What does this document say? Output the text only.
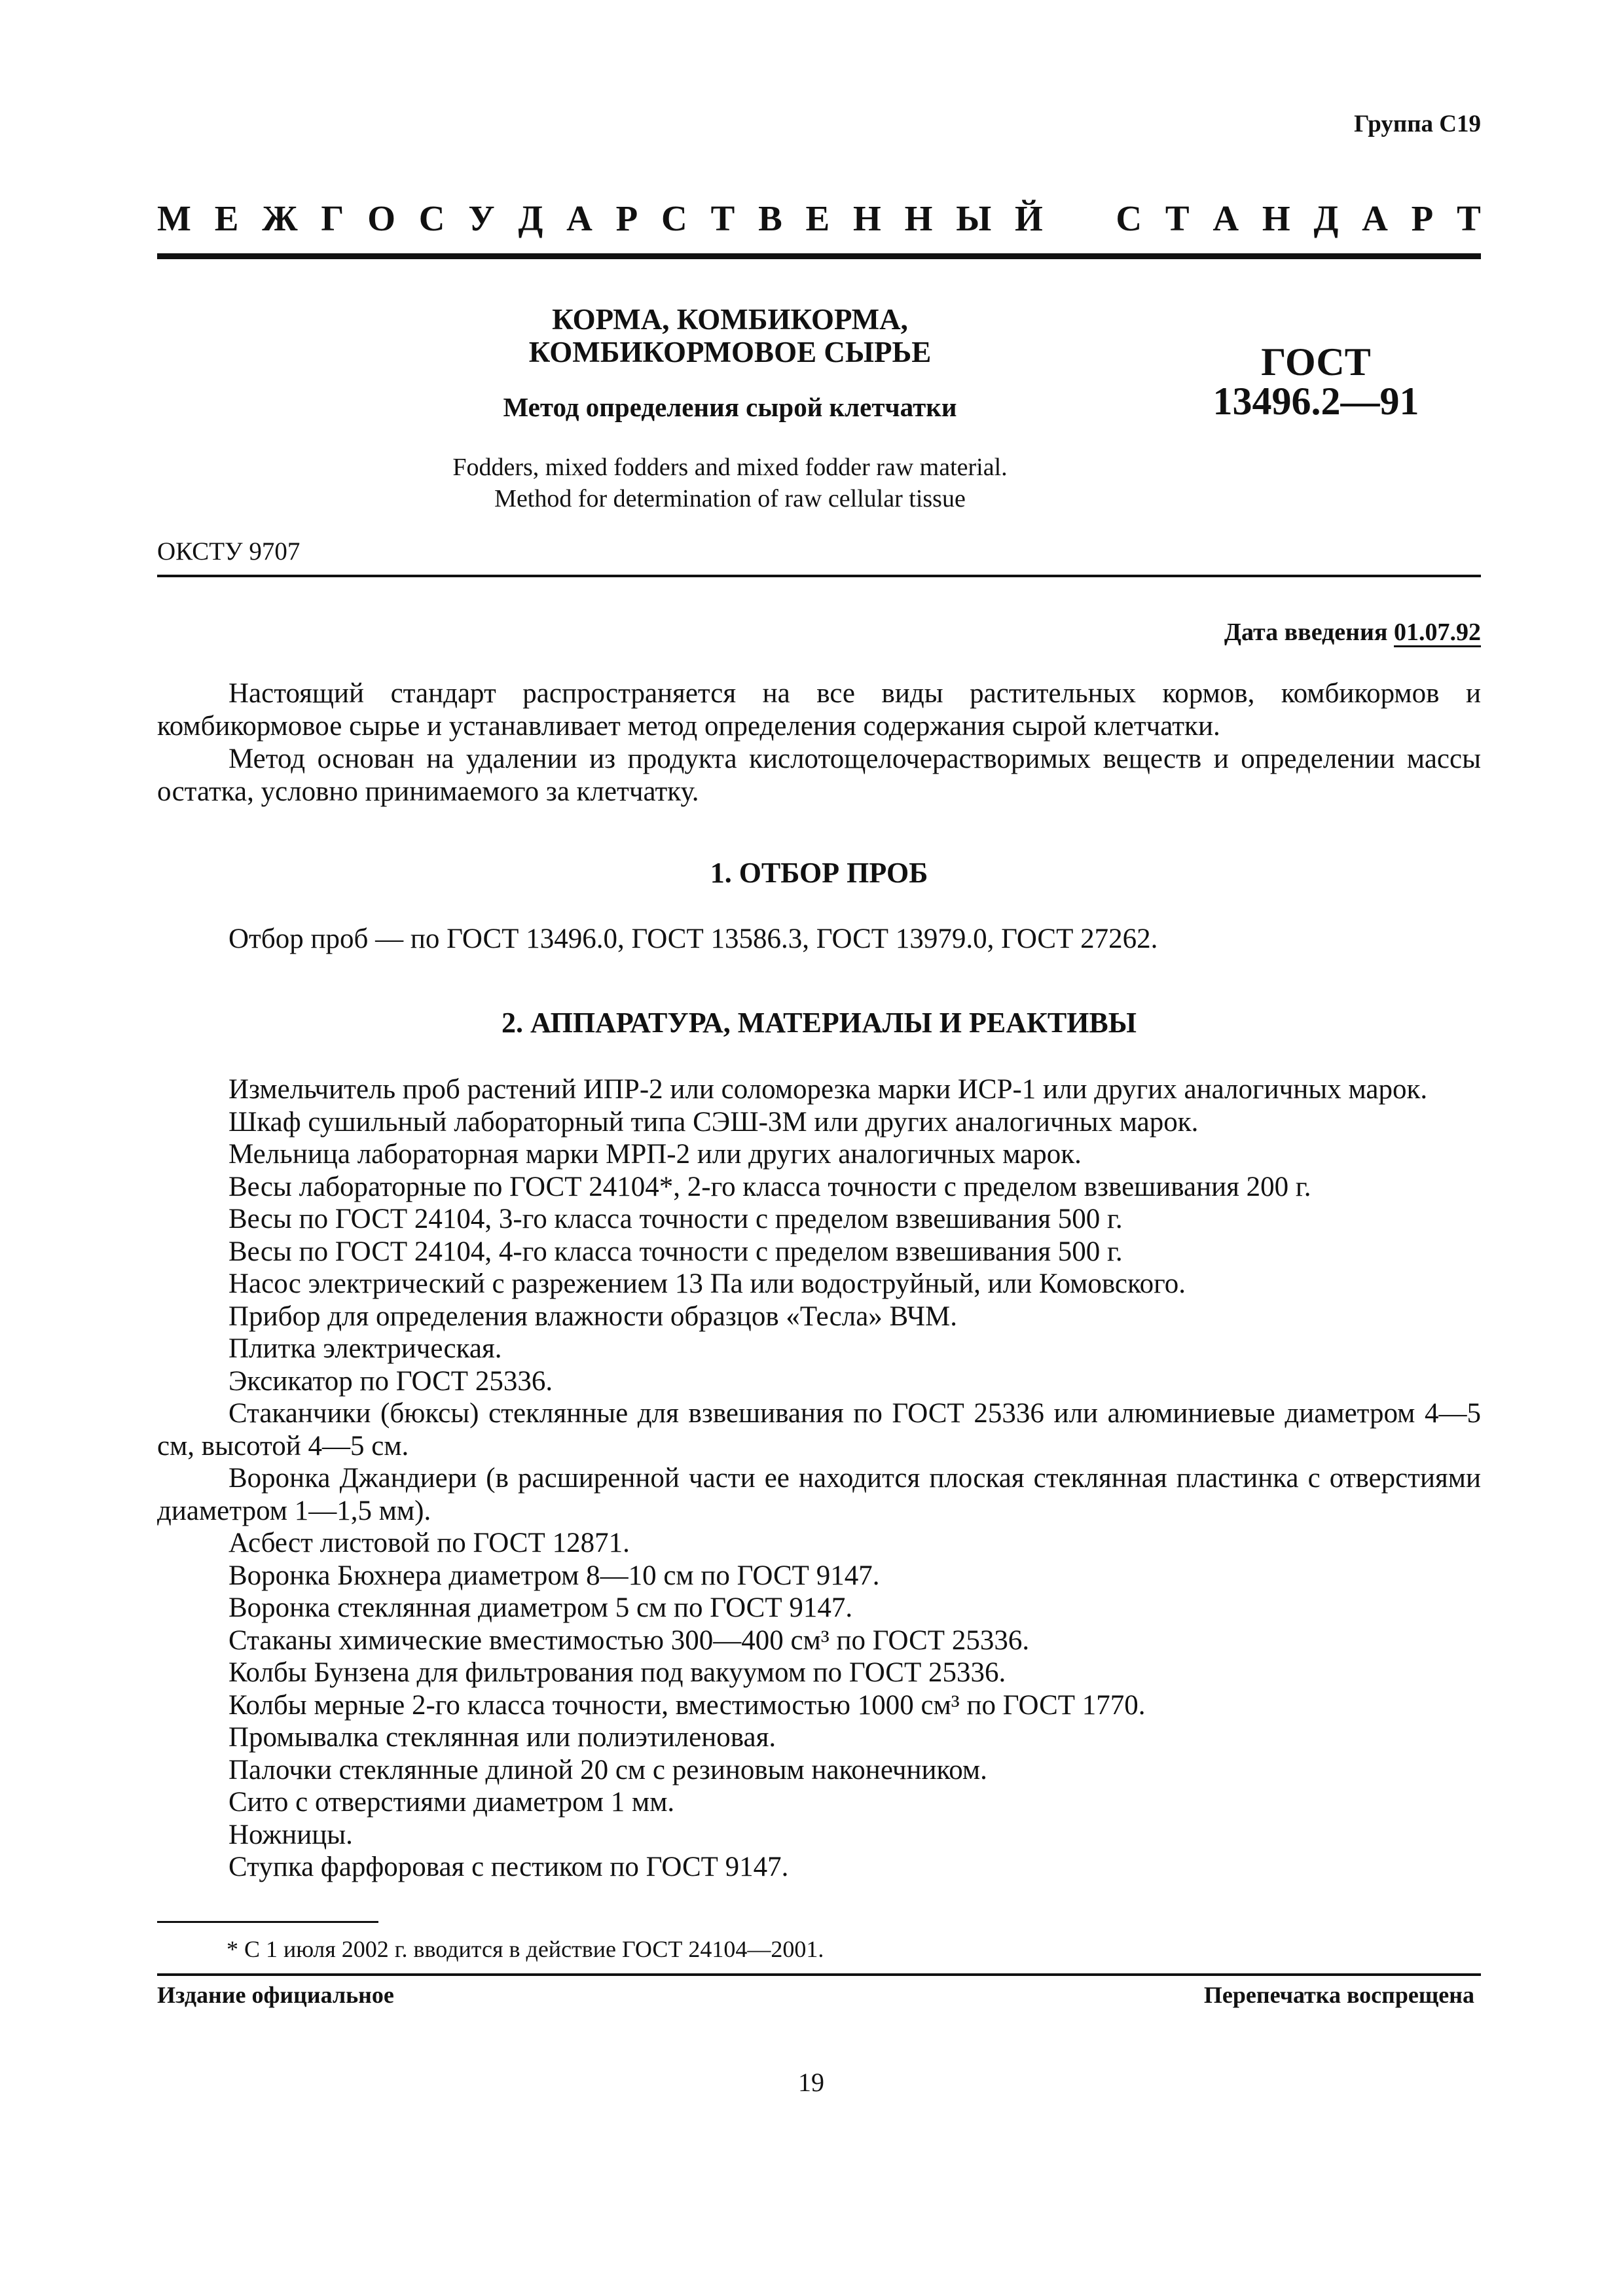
Группа С19
М Е Ж Г О С У Д А Р С Т В Е Н Н Ы Й С Т А Н Д А Р Т
КОРМА, КОМБИКОРМА,
КОМБИКОРМОВОЕ СЫРЬЕ
Метод определения сырой клетчатки
ГОСТ
13496.2—91
Fodders, mixed fodders and mixed fodder raw material.
Method for determination of raw cellular tissue
ОКСТУ 9707
Дата введения 01.07.92

Настоящий стандарт распространяется на все виды растительных кормов, комбикормов и комбикормовое сырье и устанавливает метод определения содержания сырой клетчатки.

Метод основан на удалении из продукта кислотощелочерастворимых веществ и определении массы остатка, условно принимаемого за клетчатку.

1. ОТБОР ПРОБ

Отбор проб — по ГОСТ 13496.0, ГОСТ 13586.3, ГОСТ 13979.0, ГОСТ 27262.

2. АППАРАТУРА, МАТЕРИАЛЫ И РЕАКТИВЫ

Измельчитель проб растений ИПР-2 или соломорезка марки ИСР-1 или других аналогичных марок.

Шкаф сушильный лабораторный типа СЭШ-3М или других аналогичных марок.

Мельница лабораторная марки МРП-2 или других аналогичных марок.

Весы лабораторные по ГОСТ 24104*, 2-го класса точности с пределом взвешивания 200 г.

Весы по ГОСТ 24104, 3-го класса точности с пределом взвешивания 500 г.

Весы по ГОСТ 24104, 4-го класса точности с пределом взвешивания 500 г.

Насос электрический с разрежением 13 Па или водоструйный, или Комовского.

Прибор для определения влажности образцов «Тесла» ВЧМ.

Плитка электрическая.

Эксикатор по ГОСТ 25336.

Стаканчики (бюксы) стеклянные для взвешивания по ГОСТ 25336 или алюминиевые диаметром 4—5 см, высотой 4—5 см.

Воронка Джандиери (в расширенной части ее находится плоская стеклянная пластинка с отверстиями диаметром 1—1,5 мм).

Асбест листовой по ГОСТ 12871.

Воронка Бюхнера диаметром 8—10 см по ГОСТ 9147.

Воронка стеклянная диаметром 5 см по ГОСТ 9147.

Стаканы химические вместимостью 300—400 см³ по ГОСТ 25336.

Колбы Бунзена для фильтрования под вакуумом по ГОСТ 25336.

Колбы мерные 2-го класса точности, вместимостью 1000 см³ по ГОСТ 1770.

Промывалка стеклянная или полиэтиленовая.

Палочки стеклянные длиной 20 см с резиновым наконечником.

Сито с отверстиями диаметром 1 мм.

Ножницы.

Ступка фарфоровая с пестиком по ГОСТ 9147.

* С 1 июля 2002 г. вводится в действие ГОСТ 24104—2001.
Издание официальное	Перепечатка воспрещена
19
